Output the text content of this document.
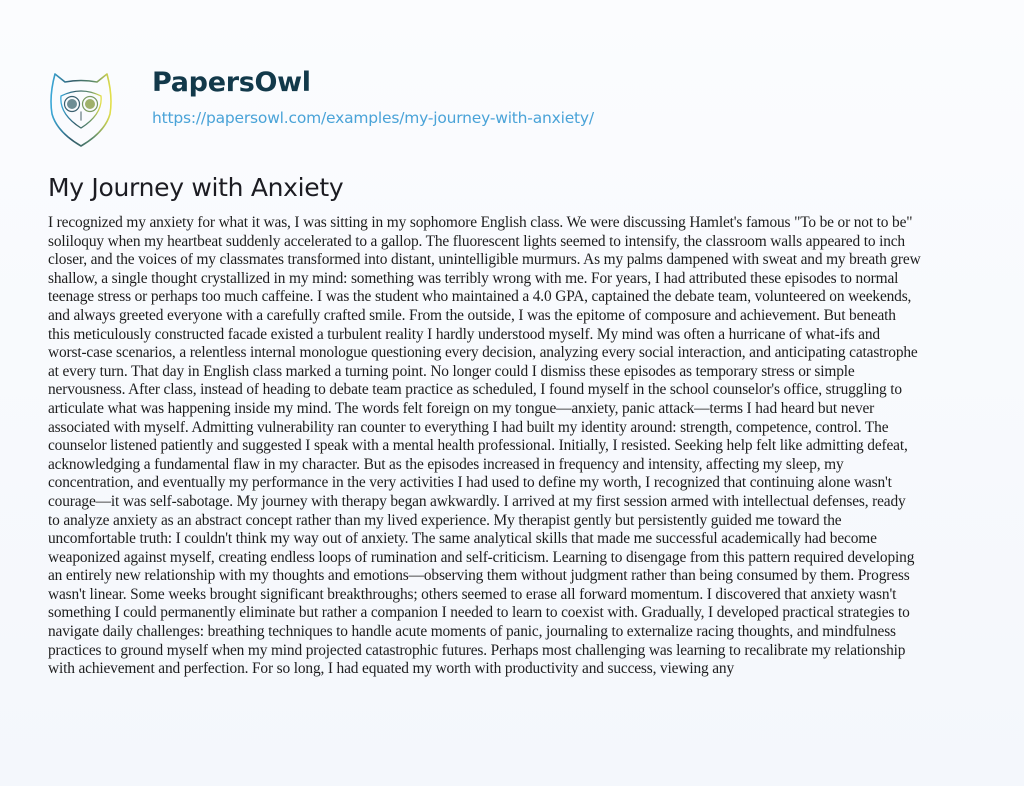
PapersOwl
https://papersowl.com/examples/my-journey-with-anxiety/
My Journey with Anxiety

I recognized my anxiety for what it was, I was sitting in my sophomore English class. We were discussing Hamlet's famous "To be or not to be"
soliloquy when my heartbeat suddenly accelerated to a gallop. The fluorescent lights seemed to intensify, the classroom walls appeared to inch
closer, and the voices of my classmates transformed into distant, unintelligible murmurs. As my palms dampened with sweat and my breath grew
shallow, a single thought crystallized in my mind: something was terribly wrong with me. For years, I had attributed these episodes to normal
teenage stress or perhaps too much caffeine. I was the student who maintained a 4.0 GPA, captained the debate team, volunteered on weekends,
and always greeted everyone with a carefully crafted smile. From the outside, I was the epitome of composure and achievement. But beneath
this meticulously constructed facade existed a turbulent reality I hardly understood myself. My mind was often a hurricane of what-ifs and
worst-case scenarios, a relentless internal monologue questioning every decision, analyzing every social interaction, and anticipating catastrophe
at every turn. That day in English class marked a turning point. No longer could I dismiss these episodes as temporary stress or simple
nervousness. After class, instead of heading to debate team practice as scheduled, I found myself in the school counselor's office, struggling to
articulate what was happening inside my mind. The words felt foreign on my tongue—anxiety, panic attack—terms I had heard but never
associated with myself. Admitting vulnerability ran counter to everything I had built my identity around: strength, competence, control. The
counselor listened patiently and suggested I speak with a mental health professional. Initially, I resisted. Seeking help felt like admitting defeat,
acknowledging a fundamental flaw in my character. But as the episodes increased in frequency and intensity, affecting my sleep, my
concentration, and eventually my performance in the very activities I had used to define my worth, I recognized that continuing alone wasn't
courage—it was self-sabotage. My journey with therapy began awkwardly. I arrived at my first session armed with intellectual defenses, ready
to analyze anxiety as an abstract concept rather than my lived experience. My therapist gently but persistently guided me toward the
uncomfortable truth: I couldn't think my way out of anxiety. The same analytical skills that made me successful academically had become
weaponized against myself, creating endless loops of rumination and self-criticism. Learning to disengage from this pattern required developing
an entirely new relationship with my thoughts and emotions—observing them without judgment rather than being consumed by them. Progress
wasn't linear. Some weeks brought significant breakthroughs; others seemed to erase all forward momentum. I discovered that anxiety wasn't
something I could permanently eliminate but rather a companion I needed to learn to coexist with. Gradually, I developed practical strategies to
navigate daily challenges: breathing techniques to handle acute moments of panic, journaling to externalize racing thoughts, and mindfulness
practices to ground myself when my mind projected catastrophic futures. Perhaps most challenging was learning to recalibrate my relationship
with achievement and perfection. For so long, I had equated my worth with productivity and success, viewing any
